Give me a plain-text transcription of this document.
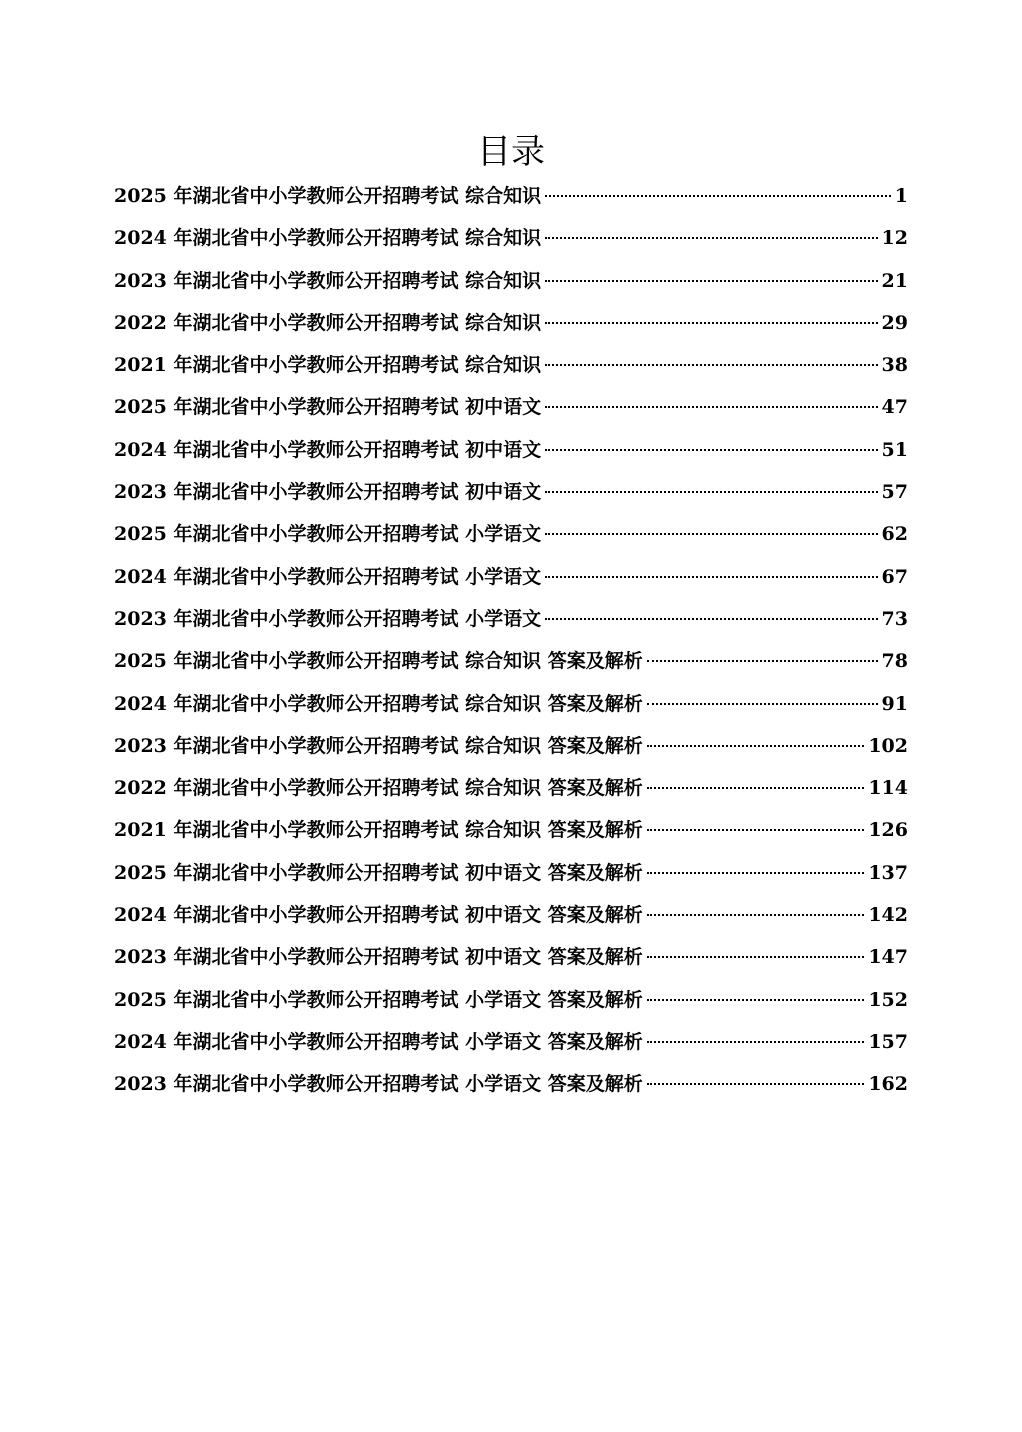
目录
2025 年湖北省中小学教师公开招聘考试 综合知识	1
2024 年湖北省中小学教师公开招聘考试 综合知识	12
2023 年湖北省中小学教师公开招聘考试 综合知识	21
2022 年湖北省中小学教师公开招聘考试 综合知识	29
2021 年湖北省中小学教师公开招聘考试 综合知识	38
2025 年湖北省中小学教师公开招聘考试 初中语文	47
2024 年湖北省中小学教师公开招聘考试 初中语文	51
2023 年湖北省中小学教师公开招聘考试 初中语文	57
2025 年湖北省中小学教师公开招聘考试 小学语文	62
2024 年湖北省中小学教师公开招聘考试 小学语文	67
2023 年湖北省中小学教师公开招聘考试 小学语文	73
2025 年湖北省中小学教师公开招聘考试 综合知识 答案及解析	78
2024 年湖北省中小学教师公开招聘考试 综合知识 答案及解析	91
2023 年湖北省中小学教师公开招聘考试 综合知识 答案及解析	102
2022 年湖北省中小学教师公开招聘考试 综合知识 答案及解析	114
2021 年湖北省中小学教师公开招聘考试 综合知识 答案及解析	126
2025 年湖北省中小学教师公开招聘考试 初中语文 答案及解析	137
2024 年湖北省中小学教师公开招聘考试 初中语文 答案及解析	142
2023 年湖北省中小学教师公开招聘考试 初中语文 答案及解析	147
2025 年湖北省中小学教师公开招聘考试 小学语文 答案及解析	152
2024 年湖北省中小学教师公开招聘考试 小学语文 答案及解析	157
2023 年湖北省中小学教师公开招聘考试 小学语文 答案及解析	162
